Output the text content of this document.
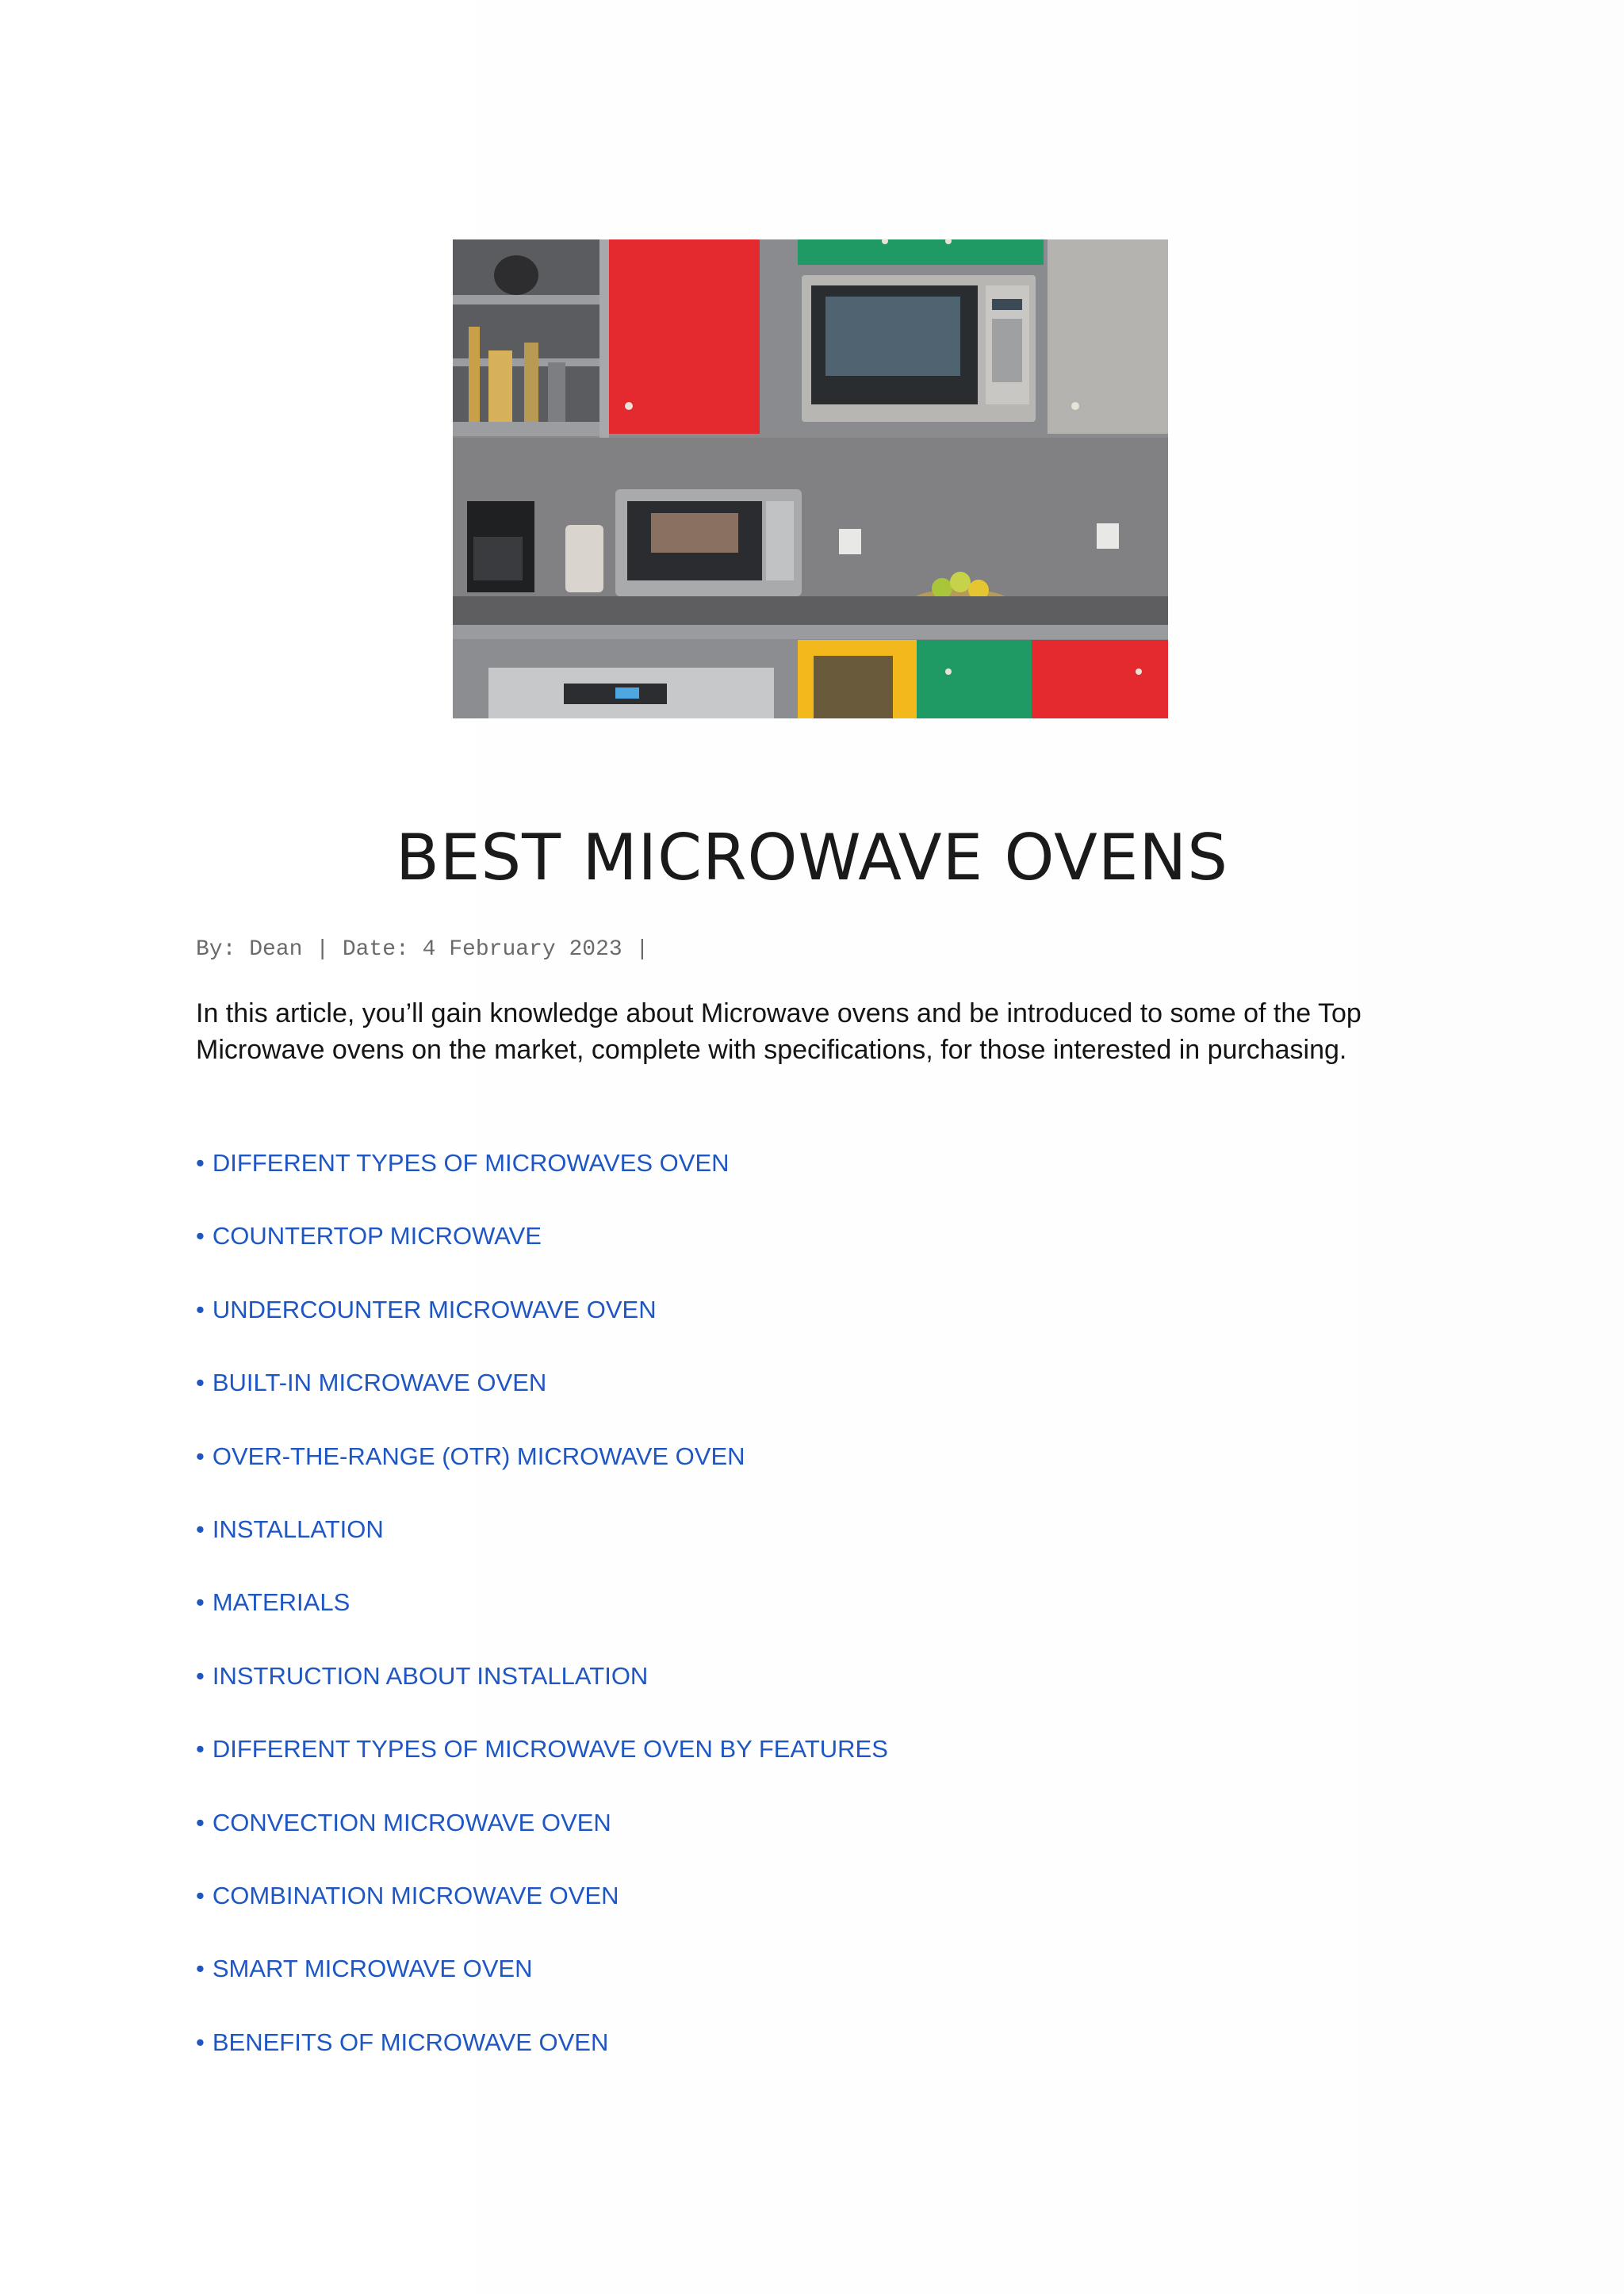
BEST MICROWAVE OVENS

By: Dean | Date: 4 February 2023 |

In this article, you’ll gain knowledge about Microwave ovens and be introduced to some of the Top Microwave ovens on the market, complete with specifications, for those interested in purchasing.

• DIFFERENT TYPES OF MICROWAVES OVEN
• COUNTERTOP MICROWAVE
• UNDERCOUNTER MICROWAVE OVEN
• BUILT-IN MICROWAVE OVEN
• OVER-THE-RANGE (OTR) MICROWAVE OVEN
• INSTALLATION
• MATERIALS
• INSTRUCTION ABOUT INSTALLATION
• DIFFERENT TYPES OF MICROWAVE OVEN BY FEATURES
• CONVECTION MICROWAVE OVEN
• COMBINATION MICROWAVE OVEN
• SMART MICROWAVE OVEN
• BENEFITS OF MICROWAVE OVEN
